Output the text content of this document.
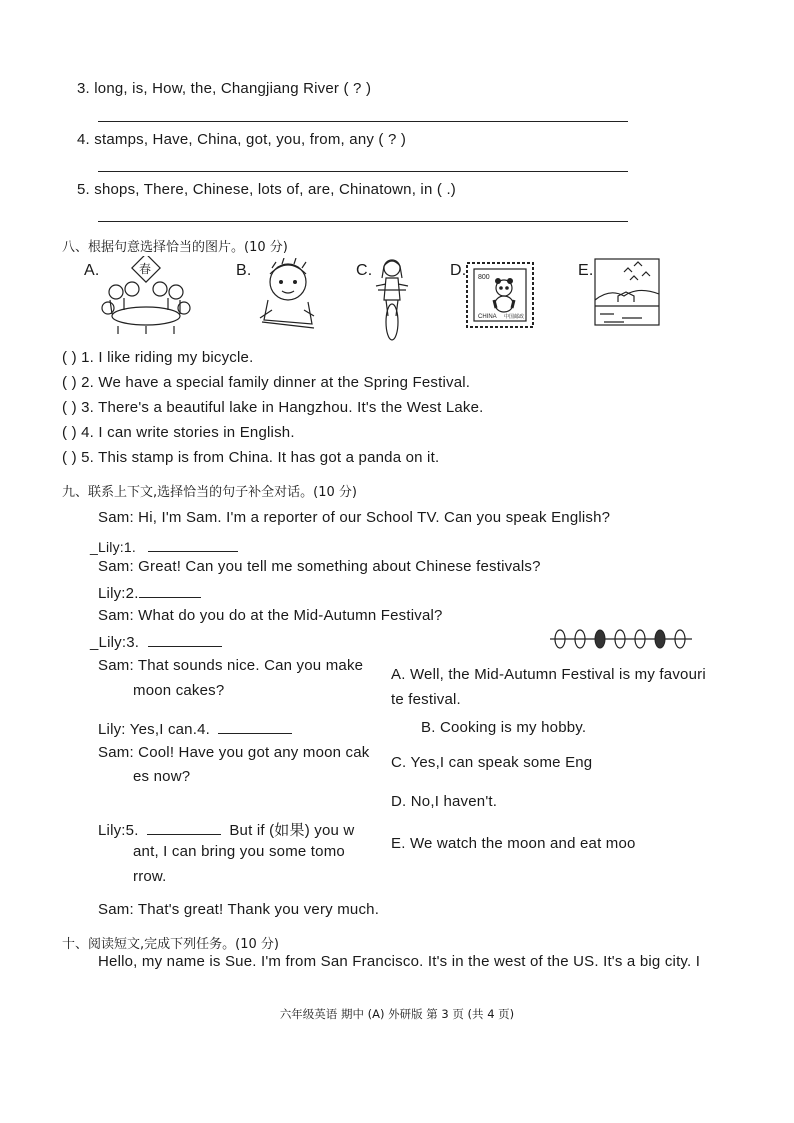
3. long, is, How, the, Changjiang River ( ? )
4. stamps, Have, China, got, you, from, any ( ? )
5. shops, There, Chinese, lots of, are, Chinatown, in ( .)
八、根据句意选择恰当的图片。(10 分)
A.	春	B.	C.	D. 800
CHINA 中国邮政
E.
( ) 1. I like riding my bicycle.
( ) 2. We have a special family dinner at the Spring Festival.
( ) 3. There's a beautiful lake in Hangzhou. It's the West Lake.
( ) 4. I can write stories in English.
( ) 5. This stamp is from China. It has got a panda on it.
九、联系上下文,选择恰当的句子补全对话。(10 分)
Sam: Hi, I'm Sam. I'm a reporter of our School TV. Can you speak English?
_Lily:1.
Sam: Great! Can you tell me something about Chinese festivals?
Lily:2.
Sam: What do you do at the Mid-Autumn Festival?
_Lily:3.
Sam: That sounds nice. Can you make
moon cakes?
Lily: Yes,I can.4.
Sam: Cool! Have you got any moon cak
es now?
Lily:5.	But if (如果) you w
ant, I can bring you some tomo
rrow.
Sam: That's great! Thank you very much.
A. Well, the Mid-Autumn Festival is my favouri
te festival.
B. Cooking is my hobby.
C. Yes,I can speak some Eng
D. No,I haven't.
E. We watch the moon and eat moo
十、阅读短文,完成下列任务。(10 分)
Hello, my name is Sue. I'm from San Francisco. It's in the west of the US. It's a big city. I
六年级英语 期中 (A) 外研版 第 3 页 (共 4 页)
